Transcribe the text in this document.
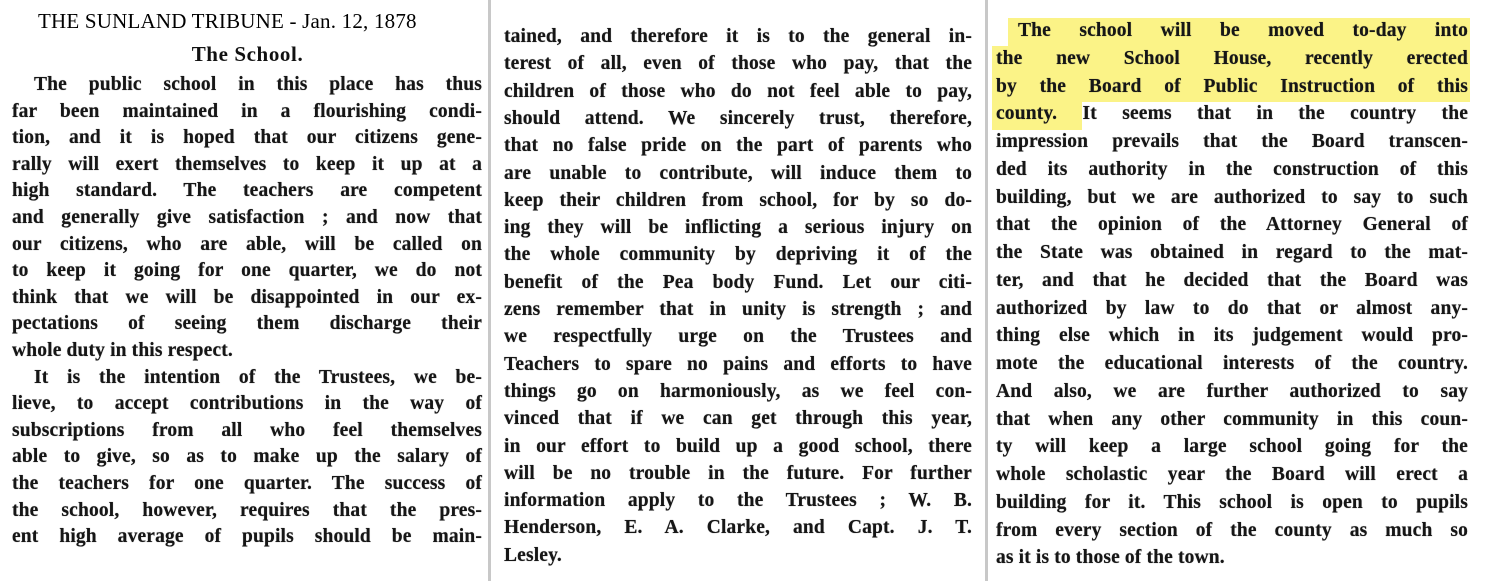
THE SUNLAND TRIBUNE - Jan. 12, 1878
The School.
The public school in this place has thus
far been maintained in a flourishing condi-
tion, and it is hoped that our citizens gene-
rally will exert themselves to keep it up at a
high standard. The teachers are competent
and generally give satisfaction ; and now that
our citizens, who are able, will be called on
to keep it going for one quarter, we do not
think that we will be disappointed in our ex-
pectations of seeing them discharge their
whole duty in this respect.
It is the intention of the Trustees, we be-
lieve, to accept contributions in the way of
subscriptions from all who feel themselves
able to give, so as to make up the salary of
the teachers for one quarter. The success of
the school, however, requires that the pres-
ent high average of pupils should be main-
tained, and therefore it is to the general in-
terest of all, even of those who pay, that the
children of those who do not feel able to pay,
should attend. We sincerely trust, therefore,
that no false pride on the part of parents who
are unable to contribute, will induce them to
keep their children from school, for by so do-
ing they will be inflicting a serious injury on
the whole community by depriving it of the
benefit of the Pea body Fund. Let our citi-
zens remember that in unity is strength ; and
we respectfully urge on the Trustees and
Teachers to spare no pains and efforts to have
things go on harmoniously, as we feel con-
vinced that if we can get through this year,
in our effort to build up a good school, there
will be no trouble in the future. For further
information apply to the Trustees ; W. B.
Henderson, E. A. Clarke, and Capt. J. T.
Lesley.
The school will be moved to-day into
the new School House, recently erected
by the Board of Public Instruction of this
county. It seems that in the country the
impression prevails that the Board transcen-
ded its authority in the construction of this
building, but we are authorized to say to such
that the opinion of the Attorney General of
the State was obtained in regard to the mat-
ter, and that he decided that the Board was
authorized by law to do that or almost any-
thing else which in its judgement would pro-
mote the educational interests of the country.
And also, we are further authorized to say
that when any other community in this coun-
ty will keep a large school going for the
whole scholastic year the Board will erect a
building for it. This school is open to pupils
from every section of the county as much so
as it is to those of the town.
